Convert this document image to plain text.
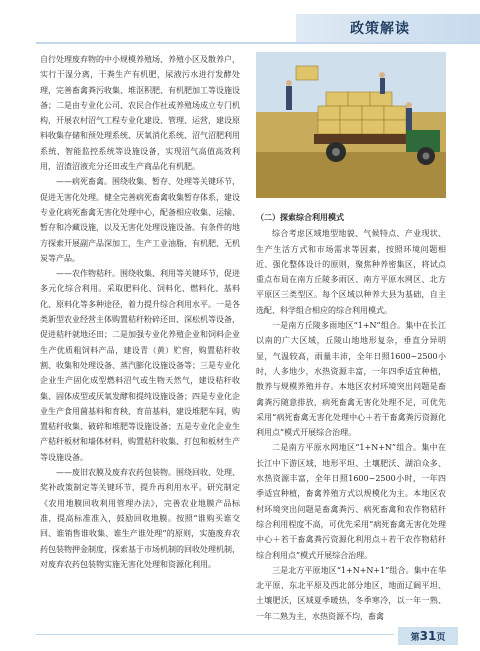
政策解读

自行处理废弃物的中小规模养殖场、养殖小区及散养户，实行干湿分离，干粪生产有机肥，尿液污水进行发酵处理，完善畜禽粪污收集、堆沤积肥、有机肥加工等设施设备；二是由专业化公司、农民合作社或养殖场成立专门机构，开展农村沼气工程专业化建设、管理、运营，建设原料收集存储和预处理系统、厌氧消化系统、沼气沼肥利用系统、智能监控系统等设施设备，实现沼气高值高效利用，沼渣沼液充分还田或生产商品化有机肥。

——病死畜禽。围绕收集、暂存、处理等关键环节，促进无害化处理。健全完善病死畜禽收集暂存体系，建设专业化病死畜禽无害化处理中心，配备相应收集、运输、暂存和冷藏设施，以及无害化处理设施设备。有条件的地方探索开展副产品深加工，生产工业油脂、有机肥、无机炭等产品。

——农作物秸秆。围绕收集、利用等关键环节，促进多元化综合利用。采取肥料化、饲料化、燃料化、基料化、原料化等多种途径，着力提升综合利用水平。一是各类新型农业经营主体购置秸秆粉碎还田、深松机等设备，促进秸秆就地还田；二是加强专业化养殖企业和饲料企业生产优质粗饲料产品，建设青（黄）贮窖，购置秸秆收割、收集和处理设备、蒸汽膨化设施设备等；三是专业化企业生产固化成型燃料沼气或生物天然气，建设秸秆收集、固体成型或厌氧发酵和提纯设施设备；四是专业化企业生产食用菌基料和育秧、育苗基料，建设堆肥车间，购置秸秆收集、破碎和堆肥等设施设备；五是专业化企业生产秸秆板材和墙体材料，购置秸秆收集、打包和板材生产等设施设备。

——废旧农膜及废弃农药包装物。围绕回收、处理、奖补政策制定等关键环节，提升再利用水平。研究制定《农用地膜回收利用管理办法》，完善农业地膜产品标准，提高标准准入，鼓励回收地膜。按照“谁购买谁交回、谁销售谁收集、谁生产谁处理”的原则，实施废弃农药包装物押金制度，探索基于市场机制的回收处理机制，对废弃农药包装物实施无害化处理和资源化利用。

（二）探索综合利用模式

综合考虑区域地型地貌、气候特点、产业现状、生产生活方式和市场需求等因素，按照环境问题相近、强化整体设计的原则，聚焦种养密集区，将试点重点布局在南方丘陵多雨区、南方平原水网区、北方平原区三类型区。每个区域以种养大县为基础，自主选配、科学组合相应的综合利用模式。

一是南方丘陵多雨地区“1+N”组合。集中在长江以南的广大区域，丘陵山地地形复杂，垂直分异明显，气温较高，雨量丰沛，全年日照1600~2500小时，人多地少，水热资源丰富，一年四季适宜种植，散养与规模养殖并存。本地区农村环境突出问题是畜禽粪污随意排放，病死畜禽无害化处理不足，可优先采用“病死畜禽无害化处理中心＋若干畜禽粪污资源化利用点”模式开展综合治理。

二是南方平原水网地区“1+N+N”组合。集中在长江中下游区域，地形平坦、土壤肥沃、湖泊众多、水热资源丰富，全年日照1600~2500小时，一年四季适宜种植，畜禽养殖方式以规模化为主。本地区农村环境突出问题是畜禽粪污、病死畜禽和农作物秸秆综合利用程度不高，可优先采用“病死畜禽无害化处理中心＋若干畜禽粪污资源化利用点＋若干农作物秸秆综合利用点”模式开展综合治理。

三是北方平原地区“1+N+N+1”组合。集中在华北平原、东北平原及西北部分地区，地面辽阔平坦、土壤肥沃，区域夏季暖热，冬季寒冷，以一年一熟、一年二熟为主，水热资源不均，畜禽

第31页
